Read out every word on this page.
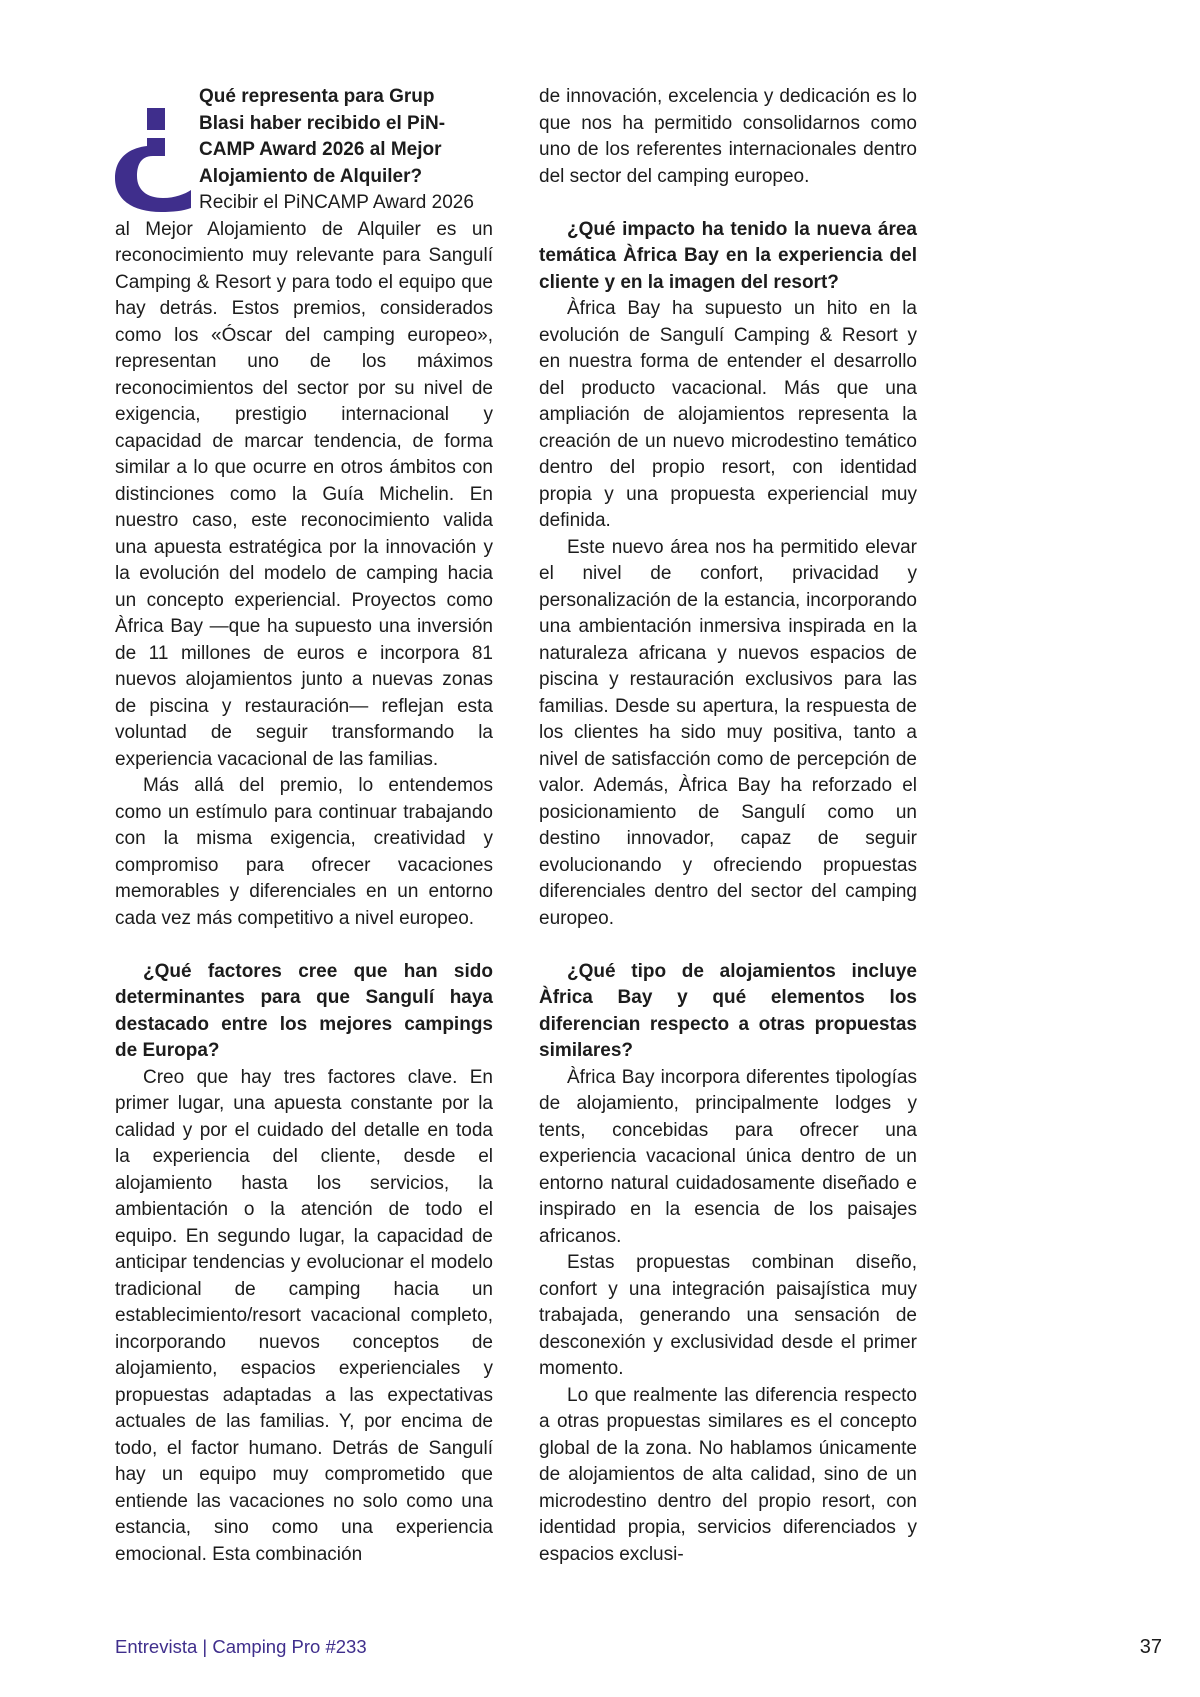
Qué representa para Grup
Blasi haber recibido el PiN-
CAMP Award 2026 al Mejor
Alojamiento de Alquiler?
Recibir el PiNCAMP Award 2026

al Mejor Alojamiento de Alquiler es un reconocimiento muy relevante para Sangulí Camping & Resort y para todo el equipo que hay detrás. Estos premios, considerados como los «Óscar del camping europeo», representan uno de los máximos reconocimientos del sector por su nivel de exigencia, prestigio internacional y capacidad de marcar tendencia, de forma similar a lo que ocurre en otros ámbitos con distinciones como la Guía Michelin. En nuestro caso, este reconocimiento valida una apuesta estratégica por la innovación y la evolución del modelo de camping hacia un concepto experiencial. Proyectos como Àfrica Bay —que ha supuesto una inversión de 11 millones de euros e incorpora 81 nuevos alojamientos junto a nuevas zonas de piscina y restauración— reflejan esta voluntad de seguir transformando la experiencia vacacional de las familias.

Más allá del premio, lo entendemos como un estímulo para continuar trabajando con la misma exigencia, creatividad y compromiso para ofrecer vacaciones memorables y diferenciales en un entorno cada vez más competitivo a nivel europeo.

¿Qué factores cree que han sido determinantes para que Sangulí haya destacado entre los mejores campings de Europa?

Creo que hay tres factores clave. En primer lugar, una apuesta constante por la calidad y por el cuidado del detalle en toda la experiencia del cliente, desde el alojamiento hasta los servicios, la ambientación o la atención de todo el equipo. En segundo lugar, la capacidad de anticipar tendencias y evolucionar el modelo tradicional de camping hacia un establecimiento/resort vacacional completo, incorporando nuevos conceptos de alojamiento, espacios experienciales y propuestas adaptadas a las expectativas actuales de las familias. Y, por encima de todo, el factor humano. Detrás de Sangulí hay un equipo muy comprometido que entiende las vacaciones no solo como una estancia, sino como una experiencia emocional. Esta combinación

de innovación, excelencia y dedicación es lo que nos ha permitido consolidarnos como uno de los referentes internacionales dentro del sector del camping europeo.

¿Qué impacto ha tenido la nueva área temática Àfrica Bay en la experiencia del cliente y en la imagen del resort?

Àfrica Bay ha supuesto un hito en la evolución de Sangulí Camping & Resort y en nuestra forma de entender el desarrollo del producto vacacional. Más que una ampliación de alojamientos representa la creación de un nuevo microdestino temático dentro del propio resort, con identidad propia y una propuesta experiencial muy definida.

Este nuevo área nos ha permitido elevar el nivel de confort, privacidad y personalización de la estancia, incorporando una ambientación inmersiva inspirada en la naturaleza africana y nuevos espacios de piscina y restauración exclusivos para las familias. Desde su apertura, la respuesta de los clientes ha sido muy positiva, tanto a nivel de satisfacción como de percepción de valor. Además, Àfrica Bay ha reforzado el posicionamiento de Sangulí como un destino innovador, capaz de seguir evolucionando y ofreciendo propuestas diferenciales dentro del sector del camping europeo.

¿Qué tipo de alojamientos incluye Àfrica Bay y qué elementos los diferencian respecto a otras propuestas similares?

Àfrica Bay incorpora diferentes tipologías de alojamiento, principalmente lodges y tents, concebidas para ofrecer una experiencia vacacional única dentro de un entorno natural cuidadosamente diseñado e inspirado en la esencia de los paisajes africanos.

Estas propuestas combinan diseño, confort y una integración paisajística muy trabajada, generando una sensación de desconexión y exclusividad desde el primer momento.

Lo que realmente las diferencia respecto a otras propuestas similares es el concepto global de la zona. No hablamos únicamente de alojamientos de alta calidad, sino de un microdestino dentro del propio resort, con identidad propia, servicios diferenciados y espacios exclusi-

Entrevista | Camping Pro #233	37
